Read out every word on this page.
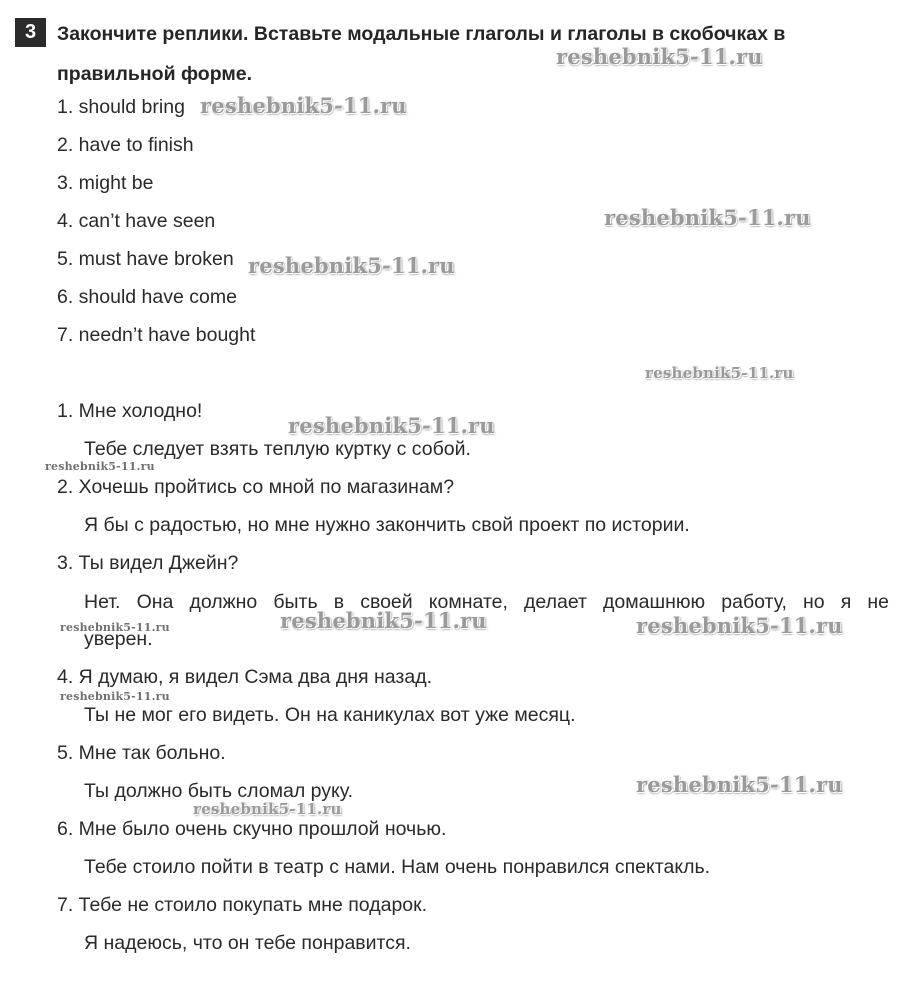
3	Закончите реплики. Вставьте модальные глаголы и глаголы в скобочках в правильной форме.
1. should bring
2. have to finish
3. might be
4. can’t have seen
5. must have broken
6. should have come
7. needn’t have bought
1. Мне холодно!
Тебе следует взять теплую куртку с собой.
2. Хочешь пройтись со мной по магазинам?
Я бы с радостью, но мне нужно закончить свой проект по истории.
3. Ты видел Джейн?
Нет. Она должно быть в своей комнате, делает домашнюю работу, но я не
уверен.
4. Я думаю, я видел Сэма два дня назад.
Ты не мог его видеть. Он на каникулах вот уже месяц.
5. Мне так больно.
Ты должно быть сломал руку.
6. Мне было очень скучно прошлой ночью.
Тебе стоило пойти в театр с нами. Нам очень понравился спектакль.
7. Тебе не стоило покупать мне подарок.
Я надеюсь, что он тебе понравится.
reshebnik5-11.ru
reshebnik5-11.ru
reshebnik5-11.ru
reshebnik5-11.ru
reshebnik5-11.ru
reshebnik5-11.ru
reshebnik5-11.ru
reshebnik5-11.ru	reshebnik5-11.ru	reshebnik5-11.ru
reshebnik5-11.ru
reshebnik5-11.ru
reshebnik5-11.ru
